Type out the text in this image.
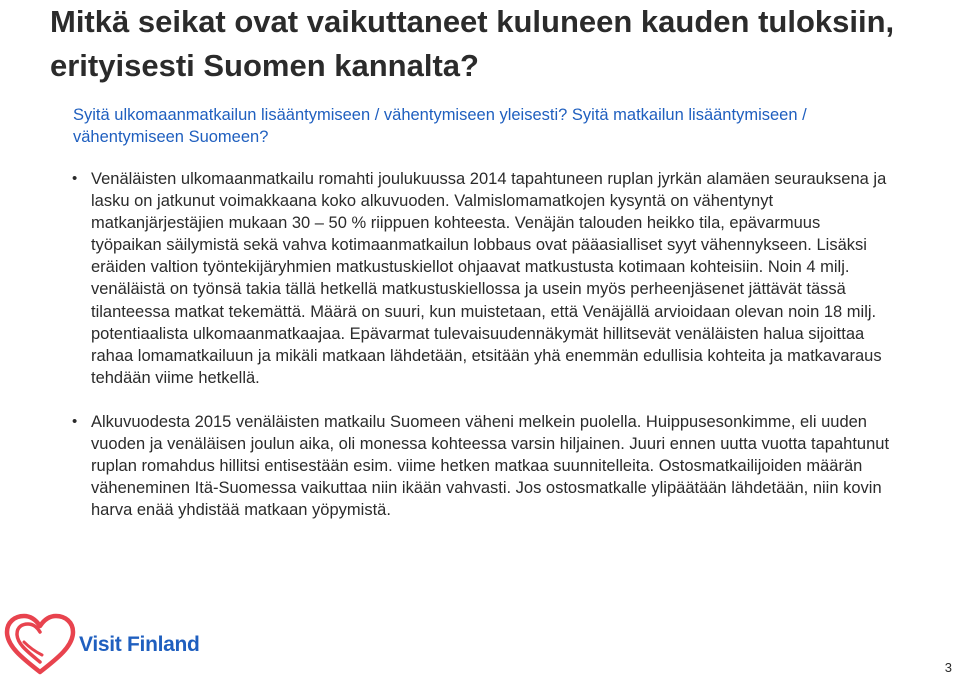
Mitkä seikat ovat vaikuttaneet kuluneen kauden tuloksiin, erityisesti Suomen kannalta?

Syitä ulkomaanmatkailun lisääntymiseen / vähentymiseen yleisesti? Syitä matkailun lisääntymiseen / vähentymiseen Suomeen?

• Venäläisten ulkomaanmatkailu romahti joulukuussa 2014 tapahtuneen ruplan jyrkän alamäen seurauksena ja lasku on jatkunut voimakkaana koko alkuvuoden. Valmislomamatkojen kysyntä on vähentynyt matkanjärjestäjien mukaan 30 – 50 % riippuen kohteesta. Venäjän talouden heikko tila, epävarmuus työpaikan säilymistä sekä vahva kotimaanmatkailun lobbaus ovat pääasialliset syyt vähennykseen. Lisäksi eräiden valtion työntekijäryhmien matkustuskiellot ohjaavat matkustusta kotimaan kohteisiin. Noin 4 milj. venäläistä on työnsä takia tällä hetkellä matkustuskiellossa ja usein myös perheenjäsenet jättävät tässä tilanteessa matkat tekemättä. Määrä on suuri, kun muistetaan, että Venäjällä arvioidaan olevan noin 18 milj. potentiaalista ulkomaanmatkaajaa. Epävarmat tulevaisuudennäkymät hillitsevät venäläisten halua sijoittaa rahaa lomamatkailuun ja mikäli matkaan lähdetään, etsitään yhä enemmän edullisia kohteita ja matkavaraus tehdään viime hetkellä.
• Alkuvuodesta 2015 venäläisten matkailu Suomeen väheni melkein puolella. Huippusesonkimme, eli uuden vuoden ja venäläisen joulun aika, oli monessa kohteessa varsin hiljainen. Juuri ennen uutta vuotta tapahtunut ruplan romahdus hillitsi entisestään esim. viime hetken matkaa suunnitelleita. Ostosmatkailijoiden määrän väheneminen Itä-Suomessa vaikuttaa niin ikään vahvasti. Jos ostosmatkalle ylipäätään lähdetään, niin kovin harva enää yhdistää matkaan yöpymistä.
Visit Finland
3
